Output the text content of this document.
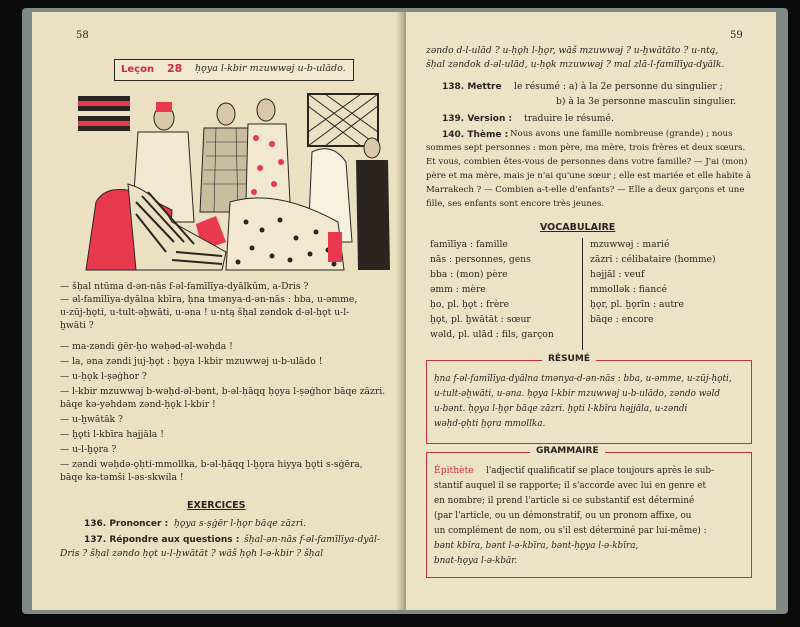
58
Leçon 28 ḥǫya l-kbir mzuwwǝj u-b-ulādo.
— šḥal ntūma d-ǝn-nās f-ǝl-famīlīya-dyālkūm, a-Dris ?
— ǝl-famīlīya-dyālna kbīra, ḥna tmǝnya-d-ǝn-nās : bba, u-ǝmme,
u-zūj-ḥǫti, u-tult-ǝḫwāti, u-ǝna ! u-ntą šḥal zǝndok d-ǝl-ḥǫt u-l-
ḫwāti ?
— ma-zǝndi ġēr-ḥo wǝḥǝd-ǝl-wǝḥda !
— la, ǝna zǝndi juj-ḥǫt : ḥǫya l-kbir mzuwwǝj u-b-ulādo !
— u-ḥǫk l-ṣǝġhor ?
— l-kbir mzuwwǝj b-wǝḥd-ǝl-bǝnt, b-ǝl-ḥāqq ḥǫya l-ṣǝġhor bāqe zāzri.
bāqe kǝ-yǝhdǝm zǝnd-ḥǫk l-kbir !
— u-ḫwātāk ?
— ḫǫti l-kbīra hǝjjāla !
— u-l-ḫǫra ?
— zǝndi wǝḥdǝ-ǫḥti-mmollka, b-ǝl-ḥāqq l-ḫǫra hiyya ḫǫti s-sġēra,
bāqe kǝ-tǝmši l-ǝs-skwila !
EXERCICES
136. Prononcer : ḥǫya s-ṣġēr l-ḥǫr bāqe zāzri.
137. Répondre aux questions : šḥal-ǝn-nās f-ǝl-famīlīya-dyāl-
Dris ? šḥal zǝndo ḥǫt u-l-ḫwātāt ? wāš ḥǫh l-ǝ-kbir ? šḥal
59
zǝndo d-l-ulād ? u-ḥǫh l-ḫǫr, wāš mzuwwǝj ? u-ḫwātāto ? u-ntą,
šḥal zǝndok d-ǝl-ulād, u-ḥǫk mzuwwǝj ? mal zlā-l-famīlīya-dyālk.
138. Mettre le résumé : a) à la 2e personne du singulier ;
b) à la 3e personne masculin singulier.
139. Version : traduire le résumé.
140. Thème : Nous avons une famille nombreuse (grande) ; nous
sommes sept personnes : mon père, ma mère, trois frères et deux sœurs.
Et vous, combien êtes-vous de personnes dans votre famille? — J'ai (mon)
père et ma mère, mais je n'ai qu'une sœur ; elle est mariée et elle habite à
Marrakech ? — Combien a-t-elle d'enfants? — Elle a deux garçons et une
fille, ses enfants sont encore très jeunes.
VOCABULAIRE
famīlīya : famille
nās : personnes, gens
bba : (mon) père
ǝmm : mère
ḥo, pl. ḥǫt : frère
ḫǫt, pl. ḫwātāt : sœur
wǝld, pl. ulād : fils, garçon
mzuwwǝj : marié
zāzri : célibataire (homme)
hǝjjāl : veuf
mmollǝk : fiancé
ḫǫr, pl. ḫǫrīn : autre
bāqe : encore
RÉSUMÉ
ḥna f-ǝl-famīlīya-dyālna tmǝnya-d-ǝn-nās : bba, u-ǝmme, u-zūj-ḥǫti,
u-tult-ǝḫwāti, u-ǝna. ḥǫya l-kbir mzuwwǝj u-b-ulādo, zǝndo wǝld
u-bǝnt. ḥǫya l-ḫǫr bāqe zāzri. ḫǫti l-kbīra hǝjjāla, u-zǝndi
wǝḥd-ǫḥti ḫǫra mmollka.
GRAMMAIRE
Épithète l'adjectif qualificatif se place toujours après le sub-
stantif auquel il se rapporte; il s'accorde avec lui en genre et
en nombre; il prend l'article si ce substantif est déterminé
(par l'article, ou un démonstratif, ou un pronom affixe, ou
un complément de nom, ou s'il est déterminé par lui-même) :
bǝnt kbīra, bǝnt l-ǝ-kbīra, bǝnt-ḥǫya l-ǝ-kbīra,
bnat-ḥǫya l-ǝ-kbār.
